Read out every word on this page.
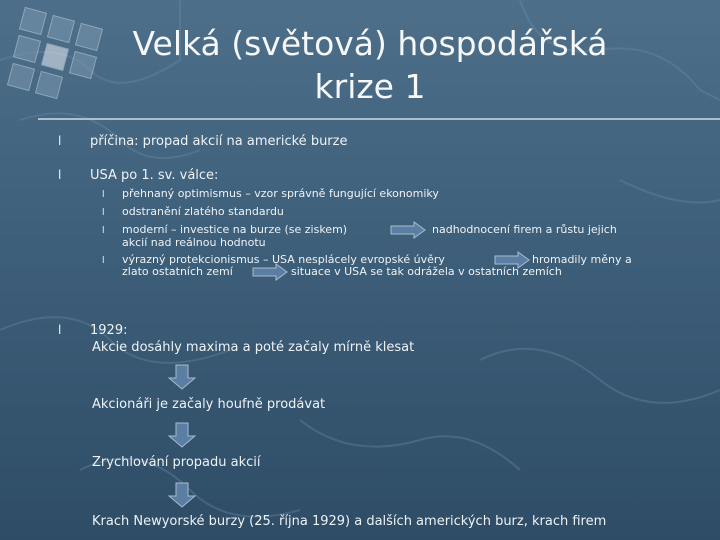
Velká (světová) hospodářská
krize 1
l	příčina: propad akcií na americké burze
l	USA po 1. sv. válce:
l přehnaný optimismus – vzor správně fungující ekonomiky
l odstranění zlatého standardu
l moderní – investice na burze (se ziskem)	nadhodnocení firem a růstu jejich
akcií nad reálnou hodnotu
l výrazný protekcionismus – USA nesplácely evropské úvěry	hromadily měny a
zlato ostatních zemí	situace v USA se tak odrážela v ostatních zemích
l	1929:
Akcie dosáhly maxima a poté začaly mírně klesat
Akcionáři je začaly houfně prodávat
Zrychlování propadu akcií
Krach Newyorské burzy (25. října 1929) a dalších amerických burz, krach firem
